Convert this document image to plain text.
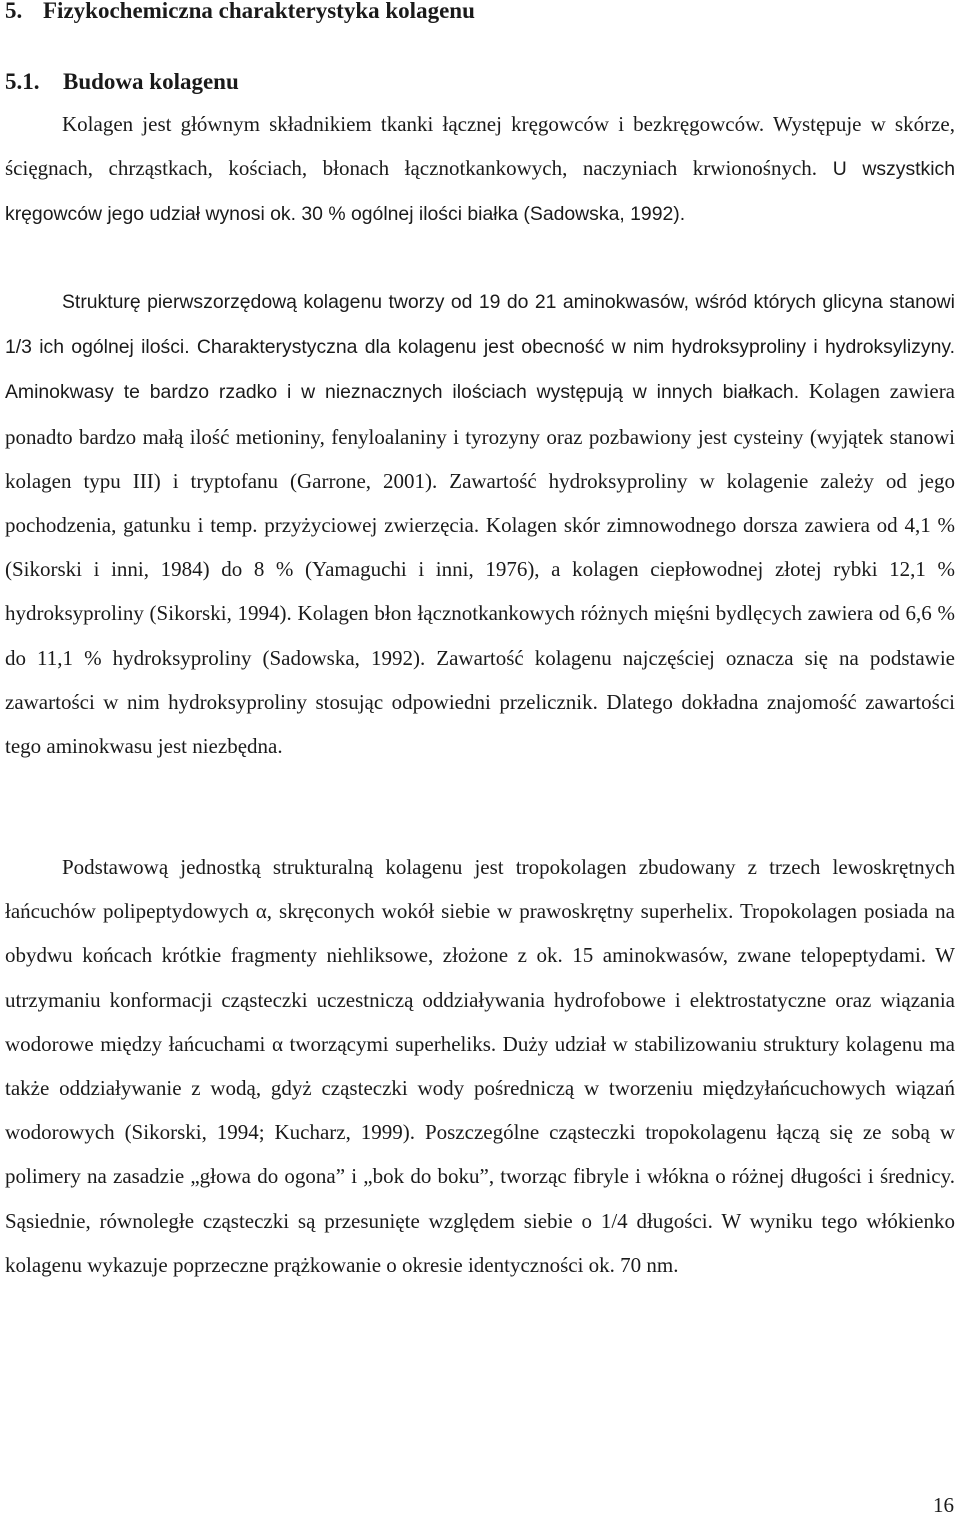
5. Fizykochemiczna charakterystyka kolagenu
5.1. Budowa kolagenu

Kolagen jest głównym składnikiem tkanki łącznej kręgowców i bezkręgowców. Występuje w skórze, ścięgnach, chrząstkach, kościach, błonach łącznotkankowych, naczyniach krwionośnych. U wszystkich kręgowców jego udział wynosi ok. 30 % ogólnej ilości białka (Sadowska, 1992).

Strukturę pierwszorzędową kolagenu tworzy od 19 do 21 aminokwasów, wśród których glicyna stanowi 1/3 ich ogólnej ilości. Charakterystyczna dla kolagenu jest obecność w nim hydroksyproliny i hydroksylizyny. Aminokwasy te bardzo rzadko i w nieznacznych ilościach występują w innych białkach. Kolagen zawiera ponadto bardzo małą ilość metioniny, fenyloalaniny i tyrozyny oraz pozbawiony jest cysteiny (wyjątek stanowi kolagen typu III) i tryptofanu (Garrone, 2001). Zawartość hydroksyproliny w kolagenie zależy od jego pochodzenia, gatunku i temp. przyżyciowej zwierzęcia. Kolagen skór zimnowodnego dorsza zawiera od 4,1 % (Sikorski i inni, 1984) do 8 % (Yamaguchi i inni, 1976), a kolagen ciepłowodnej złotej rybki 12,1 % hydroksyproliny (Sikorski, 1994). Kolagen błon łącznotkankowych różnych mięśni bydlęcych zawiera od 6,6 % do 11,1 % hydroksyproliny (Sadowska, 1992). Zawartość kolagenu najczęściej oznacza się na podstawie zawartości w nim hydroksyproliny stosując odpowiedni przelicznik. Dlatego dokładna znajomość zawartości tego aminokwasu jest niezbędna.

Podstawową jednostką strukturalną kolagenu jest tropokolagen zbudowany z trzech lewoskrętnych łańcuchów polipeptydowych α, skręconych wokół siebie w prawoskrętny superhelix. Tropokolagen posiada na obydwu końcach krótkie fragmenty niehliksowe, złożone z ok. 15 aminokwasów, zwane telopeptydami. W utrzymaniu konformacji cząsteczki uczestniczą oddziaływania hydrofobowe i elektrostatyczne oraz wiązania wodorowe między łańcuchami α tworzącymi superheliks. Duży udział w stabilizowaniu struktury kolagenu ma także oddziaływanie z wodą, gdyż cząsteczki wody pośredniczą w tworzeniu międzyłańcuchowych wiązań wodorowych (Sikorski, 1994; Kucharz, 1999). Poszczególne cząsteczki tropokolagenu łączą się ze sobą w polimery na zasadzie „głowa do ogona” i „bok do boku”, tworząc fibryle i włókna o różnej długości i średnicy. Sąsiednie, równoległe cząsteczki są przesunięte względem siebie o 1/4 długości. W wyniku tego włókienko kolagenu wykazuje poprzeczne prążkowanie o okresie identyczności ok. 70 nm.

16
